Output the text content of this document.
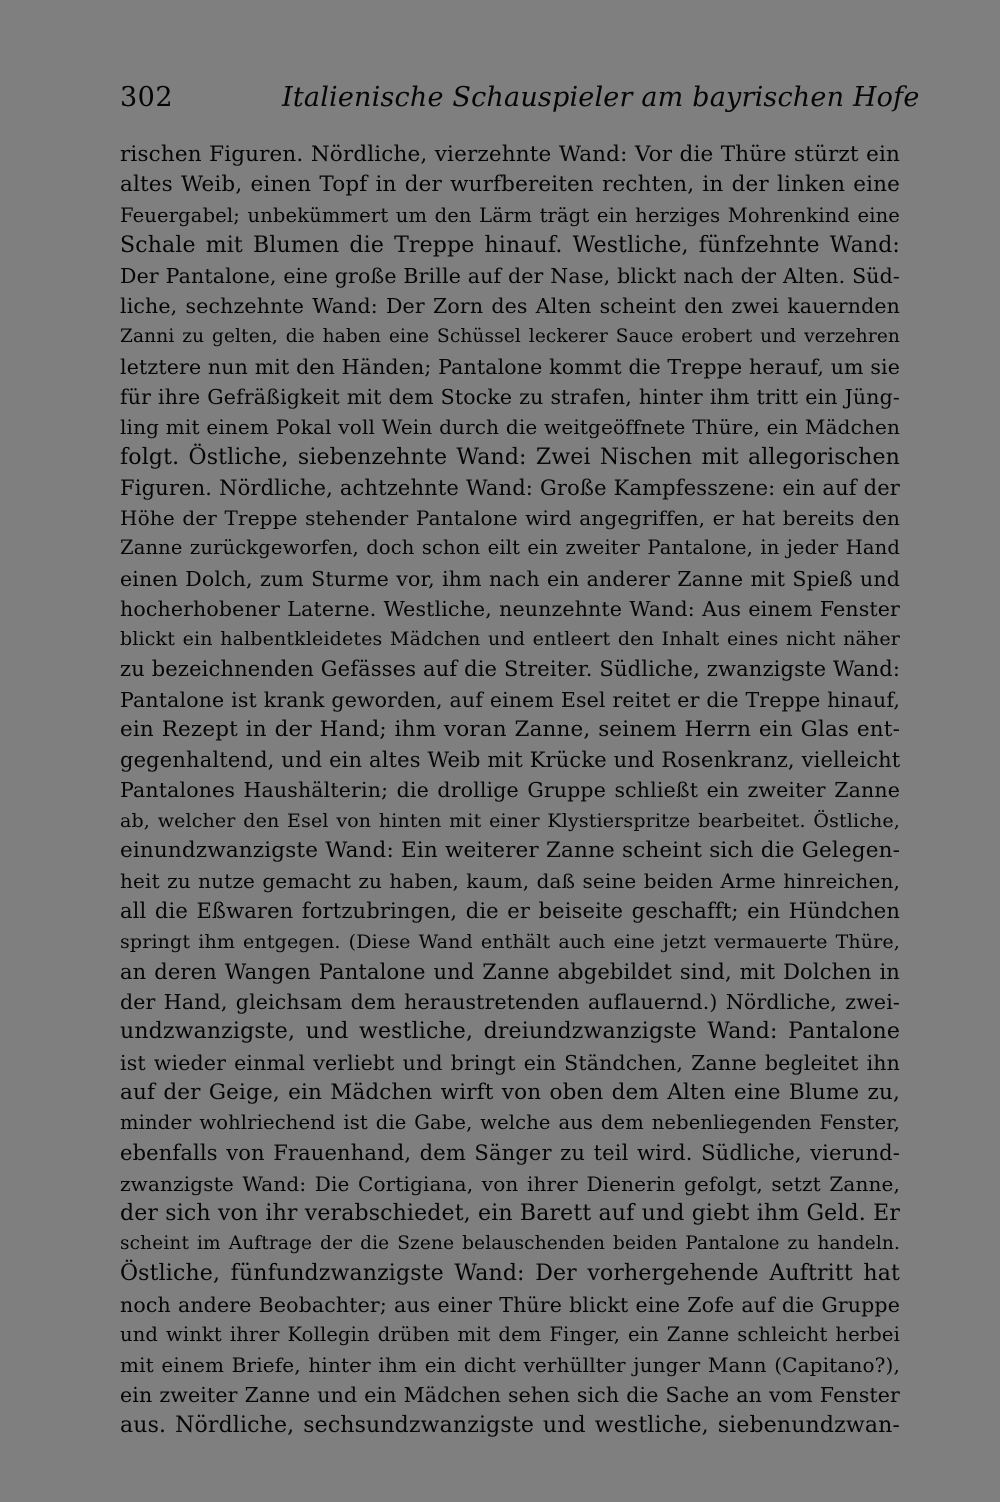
302	Italienische Schauspieler am bayrischen Hofe
rischen Figuren. Nördliche, vierzehnte Wand: Vor die Thüre stürzt ein
altes Weib, einen Topf in der wurfbereiten rechten, in der linken eine
Feuergabel; unbekümmert um den Lärm trägt ein herziges Mohrenkind eine
Schale mit Blumen die Treppe hinauf. Westliche, fünfzehnte Wand:
Der Pantalone, eine große Brille auf der Nase, blickt nach der Alten. Süd-
liche, sechzehnte Wand: Der Zorn des Alten scheint den zwei kauernden
Zanni zu gelten, die haben eine Schüssel leckerer Sauce erobert und verzehren
letztere nun mit den Händen; Pantalone kommt die Treppe herauf, um sie
für ihre Gefräßigkeit mit dem Stocke zu strafen, hinter ihm tritt ein Jüng-
ling mit einem Pokal voll Wein durch die weitgeöffnete Thüre, ein Mädchen
folgt. Östliche, siebenzehnte Wand: Zwei Nischen mit allegorischen
Figuren. Nördliche, achtzehnte Wand: Große Kampfesszene: ein auf der
Höhe der Treppe stehender Pantalone wird angegriffen, er hat bereits den
Zanne zurückgeworfen, doch schon eilt ein zweiter Pantalone, in jeder Hand
einen Dolch, zum Sturme vor, ihm nach ein anderer Zanne mit Spieß und
hocherhobener Laterne. Westliche, neunzehnte Wand: Aus einem Fenster
blickt ein halbentkleidetes Mädchen und entleert den Inhalt eines nicht näher
zu bezeichnenden Gefässes auf die Streiter. Südliche, zwanzigste Wand:
Pantalone ist krank geworden, auf einem Esel reitet er die Treppe hinauf,
ein Rezept in der Hand; ihm voran Zanne, seinem Herrn ein Glas ent-
gegenhaltend, und ein altes Weib mit Krücke und Rosenkranz, vielleicht
Pantalones Haushälterin; die drollige Gruppe schließt ein zweiter Zanne
ab, welcher den Esel von hinten mit einer Klystierspritze bearbeitet. Östliche,
einundzwanzigste Wand: Ein weiterer Zanne scheint sich die Gelegen-
heit zu nutze gemacht zu haben, kaum, daß seine beiden Arme hinreichen,
all die Eßwaren fortzubringen, die er beiseite geschafft; ein Hündchen
springt ihm entgegen. (Diese Wand enthält auch eine jetzt vermauerte Thüre,
an deren Wangen Pantalone und Zanne abgebildet sind, mit Dolchen in
der Hand, gleichsam dem heraustretenden auflauernd.) Nördliche, zwei-
undzwanzigste, und westliche, dreiundzwanzigste Wand: Pantalone
ist wieder einmal verliebt und bringt ein Ständchen, Zanne begleitet ihn
auf der Geige, ein Mädchen wirft von oben dem Alten eine Blume zu,
minder wohlriechend ist die Gabe, welche aus dem nebenliegenden Fenster,
ebenfalls von Frauenhand, dem Sänger zu teil wird. Südliche, vierund-
zwanzigste Wand: Die Cortigiana, von ihrer Dienerin gefolgt, setzt Zanne,
der sich von ihr verabschiedet, ein Barett auf und giebt ihm Geld. Er
scheint im Auftrage der die Szene belauschenden beiden Pantalone zu handeln.
Östliche, fünfundzwanzigste Wand: Der vorhergehende Auftritt hat
noch andere Beobachter; aus einer Thüre blickt eine Zofe auf die Gruppe
und winkt ihrer Kollegin drüben mit dem Finger, ein Zanne schleicht herbei
mit einem Briefe, hinter ihm ein dicht verhüllter junger Mann (Capitano?),
ein zweiter Zanne und ein Mädchen sehen sich die Sache an vom Fenster
aus. Nördliche, sechsundzwanzigste und westliche, siebenundzwan-
